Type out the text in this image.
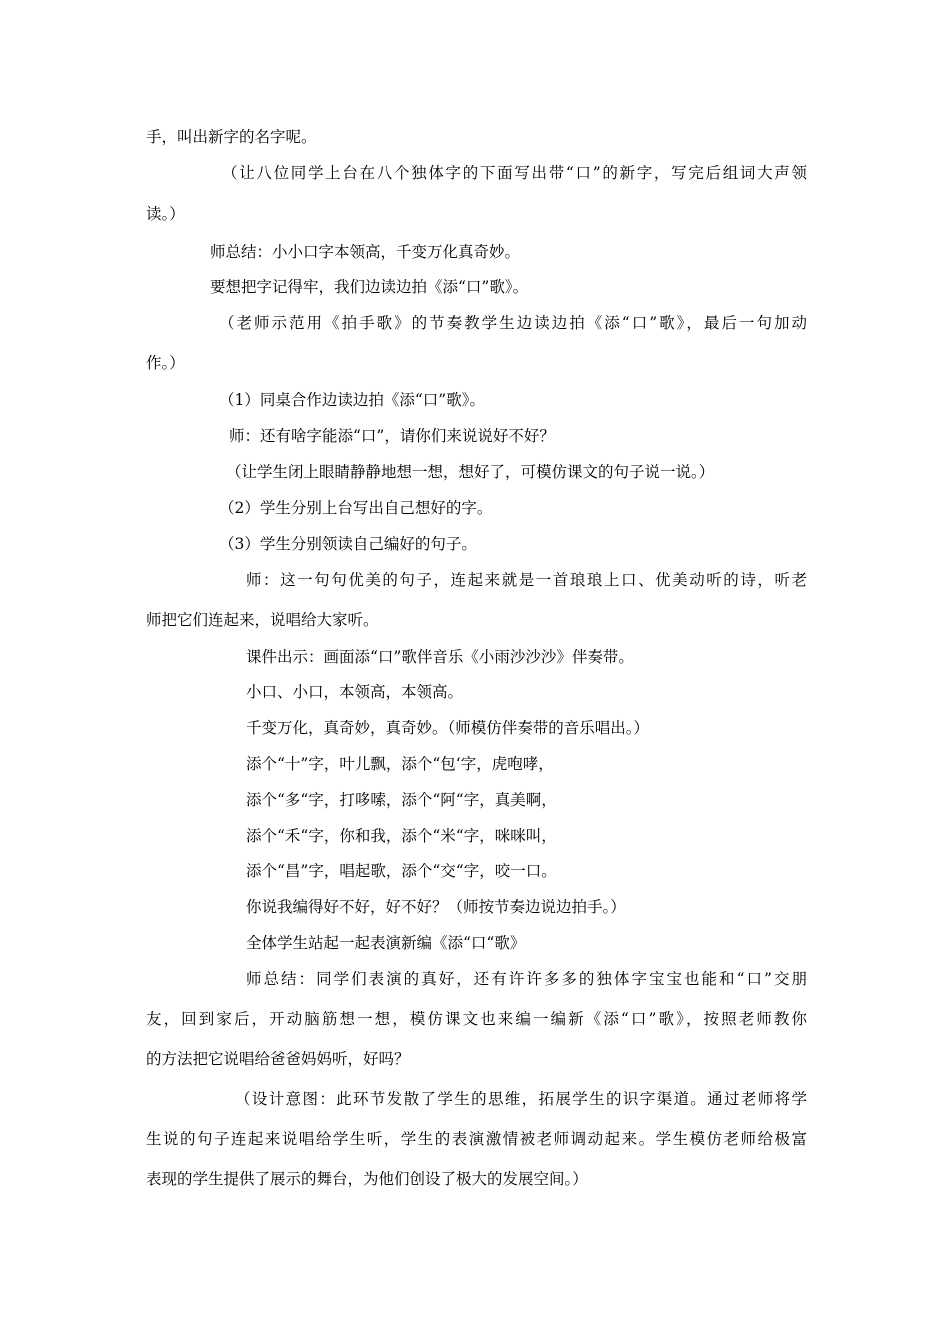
手，叫出新字的名字呢。

（让八位同学上台在八个独体字的下面写出带“口”的新字，写完后组词大声领

读。）

师总结：小小口字本领高，千变万化真奇妙。

要想把字记得牢，我们边读边拍《添“口”歌》。

（老师示范用《拍手歌》的节奏教学生边读边拍《添“口”歌》，最后一句加动

作。）

（1）同桌合作边读边拍《添“口”歌》。

师：还有啥字能添“口”，请你们来说说好不好？

（让学生闭上眼睛静静地想一想，想好了，可模仿课文的句子说一说。）

（2）学生分别上台写出自己想好的字。

（3）学生分别领读自己编好的句子。

师：这一句句优美的句子，连起来就是一首琅琅上口、优美动听的诗，听老

师把它们连起来，说唱给大家听。

课件出示：画面添“口”歌伴音乐《小雨沙沙沙》伴奏带。

小口、小口，本领高，本领高。

千变万化，真奇妙，真奇妙。（师模仿伴奏带的音乐唱出。）

添个“十”字，叶儿飘，添个“包‘字，虎咆哮，

添个“多“字，打哆嗦，添个“阿“字，真美啊，

添个“禾“字，你和我，添个“米“字，咪咪叫，

添个“昌”字，唱起歌，添个“交“字，咬一口。

你说我编得好不好，好不好？（师按节奏边说边拍手。）

全体学生站起一起表演新编《添“口“歌》

师总结：同学们表演的真好，还有许许多多的独体字宝宝也能和“口”交朋

友，回到家后，开动脑筋想一想，模仿课文也来编一编新《添“口”歌》，按照老师教你

的方法把它说唱给爸爸妈妈听，好吗？

（设计意图：此环节发散了学生的思维，拓展学生的识字渠道。通过老师将学

生说的句子连起来说唱给学生听，学生的表演激情被老师调动起来。学生模仿老师给极富

表现的学生提供了展示的舞台，为他们创设了极大的发展空间。）
